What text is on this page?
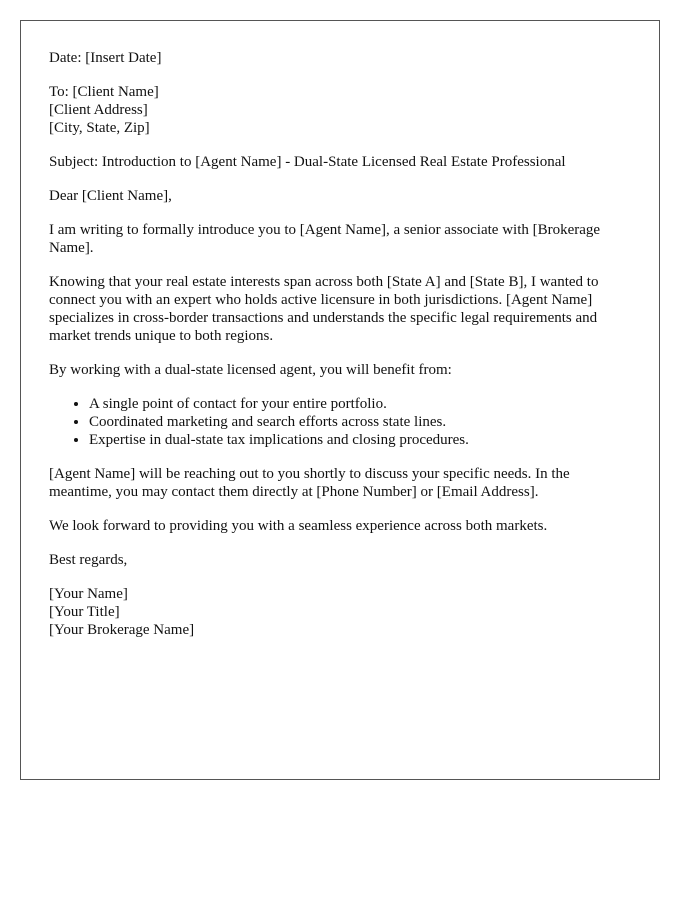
Date: [Insert Date]

To: [Client Name]
[Client Address]
[City, State, Zip]

Subject: Introduction to [Agent Name] - Dual-State Licensed Real Estate Professional

Dear [Client Name],

I am writing to formally introduce you to [Agent Name], a senior associate with [Brokerage Name].

Knowing that your real estate interests span across both [State A] and [State B], I wanted to connect you with an expert who holds active licensure in both jurisdictions. [Agent Name] specializes in cross-border transactions and understands the specific legal requirements and market trends unique to both regions.

By working with a dual-state licensed agent, you will benefit from:

• A single point of contact for your entire portfolio.
• Coordinated marketing and search efforts across state lines.
• Expertise in dual-state tax implications and closing procedures.

[Agent Name] will be reaching out to you shortly to discuss your specific needs. In the meantime, you may contact them directly at [Phone Number] or [Email Address].

We look forward to providing you with a seamless experience across both markets.

Best regards,

[Your Name]
[Your Title]
[Your Brokerage Name]
